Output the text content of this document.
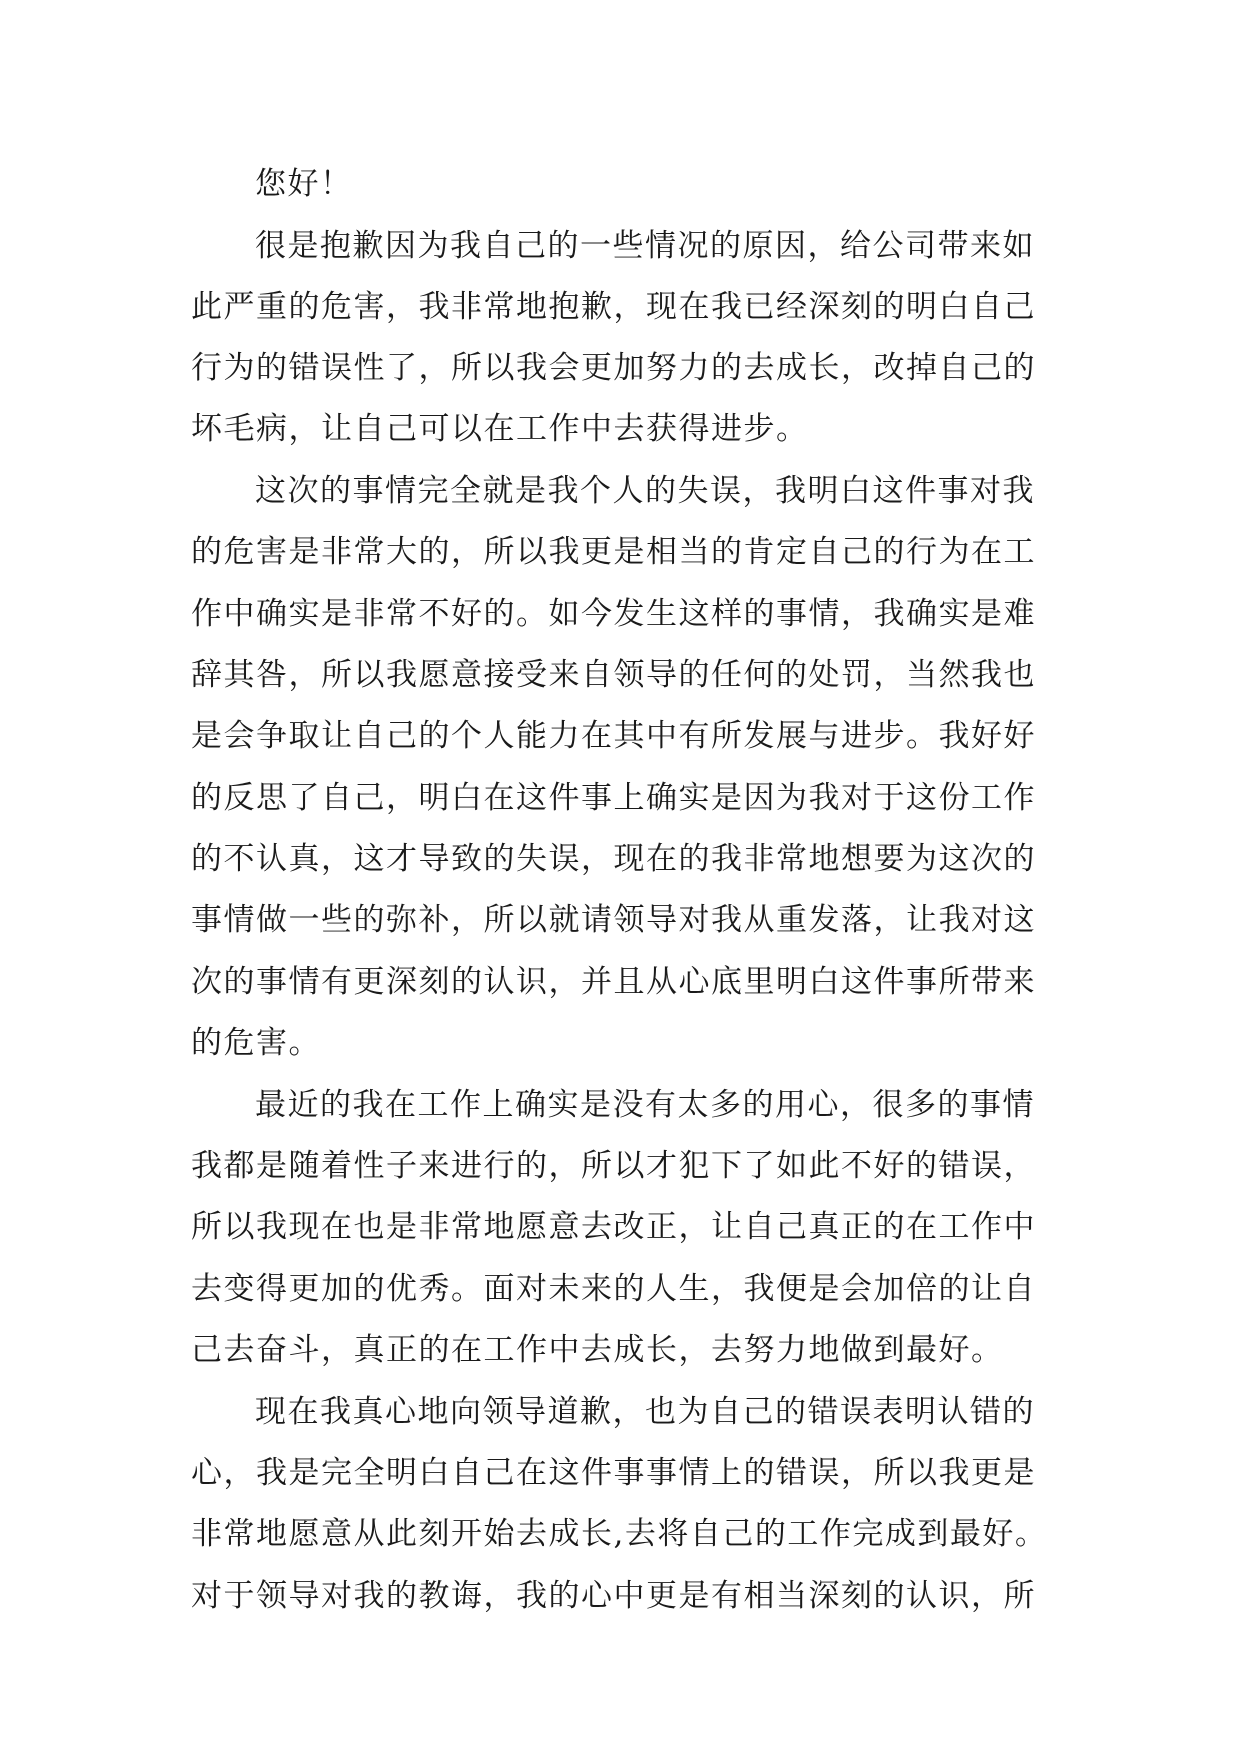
您好！
很是抱歉因为我自己的一些情况的原因，给公司带来如
此严重的危害，我非常地抱歉，现在我已经深刻的明白自己
行为的错误性了，所以我会更加努力的去成长，改掉自己的
坏毛病，让自己可以在工作中去获得进步。
这次的事情完全就是我个人的失误，我明白这件事对我
的危害是非常大的，所以我更是相当的肯定自己的行为在工
作中确实是非常不好的。如今发生这样的事情，我确实是难
辞其咎，所以我愿意接受来自领导的任何的处罚，当然我也
是会争取让自己的个人能力在其中有所发展与进步。我好好
的反思了自己，明白在这件事上确实是因为我对于这份工作
的不认真，这才导致的失误，现在的我非常地想要为这次的
事情做一些的弥补，所以就请领导对我从重发落，让我对这
次的事情有更深刻的认识，并且从心底里明白这件事所带来
的危害。
最近的我在工作上确实是没有太多的用心，很多的事情
我都是随着性子来进行的，所以才犯下了如此不好的错误，
所以我现在也是非常地愿意去改正，让自己真正的在工作中
去变得更加的优秀。面对未来的人生，我便是会加倍的让自
己去奋斗，真正的在工作中去成长，去努力地做到最好。
现在我真心地向领导道歉，也为自己的错误表明认错的
心，我是完全明白自己在这件事事情上的错误，所以我更是
非常地愿意从此刻开始去成长,去将自己的工作完成到最好。
对于领导对我的教诲，我的心中更是有相当深刻的认识，所
